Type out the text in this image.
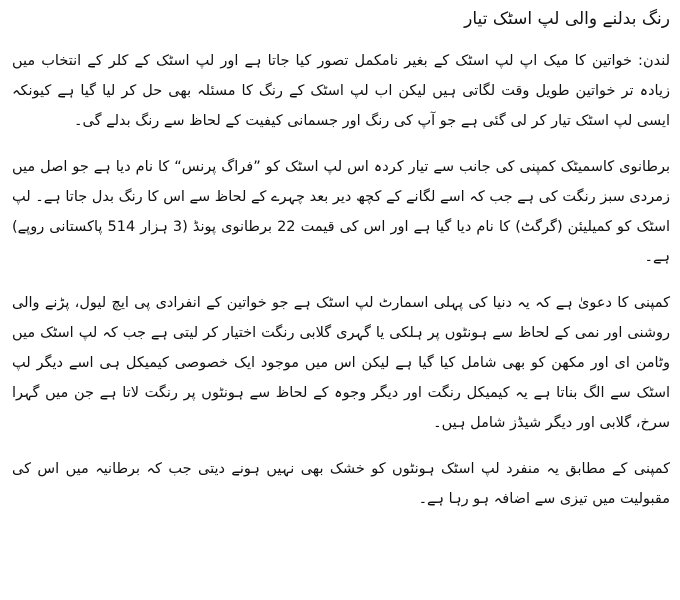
رنگ بدلنے والی لپ اسٹک تیار

لندن: خواتین کا میک اپ لپ اسٹک کے بغیر نامکمل تصور کیا جاتا ہے اور لپ اسٹک کے کلر کے انتخاب میں زیادہ تر خواتین طویل وقت لگاتی ہیں لیکن اب لپ اسٹک کے رنگ کا مسئلہ بھی حل کر لیا گیا ہے کیونکہ ایسی لپ اسٹک تیار کر لی گئی ہے جو آپ کی رنگ اور جسمانی کیفیت کے لحاظ سے رنگ بدلے گی۔

برطانوی کاسمیٹک کمپنی کی جانب سے تیار کردہ اس لپ اسٹک کو ”فراگ پرنس“ کا نام دیا ہے جو اصل میں زمردی سبز رنگت کی ہے جب کہ اسے لگانے کے کچھ دیر بعد چہرے کے لحاظ سے اس کا رنگ بدل جاتا ہے۔ لپ اسٹک کو کمیلیئن (گرگٹ) کا نام دیا گیا ہے اور اس کی قیمت 22 برطانوی پونڈ (3 ہزار 514 پاکستانی روپے) ہے۔

کمپنی کا دعویٰ ہے کہ یہ دنیا کی پہلی اسمارٹ لپ اسٹک ہے جو خواتین کے انفرادی پی ایچ لیول، پڑنے والی روشنی اور نمی کے لحاظ سے ہونٹوں پر ہلکی یا گہری گلابی رنگت اختیار کر لیتی ہے جب کہ لپ اسٹک میں وٹامن ای اور مکھن کو بھی شامل کیا گیا ہے لیکن اس میں موجود ایک خصوصی کیمیکل ہی اسے دیگر لپ اسٹک سے الگ بناتا ہے یہ کیمیکل رنگت اور دیگر وجوہ کے لحاظ سے ہونٹوں پر رنگت لاتا ہے جن میں گہرا سرخ، گلابی اور دیگر شیڈز شامل ہیں۔

کمپنی کے مطابق یہ منفرد لپ اسٹک ہونٹوں کو خشک بھی نہیں ہونے دیتی جب کہ برطانیہ میں اس کی مقبولیت میں تیزی سے اضافہ ہو رہا ہے۔
